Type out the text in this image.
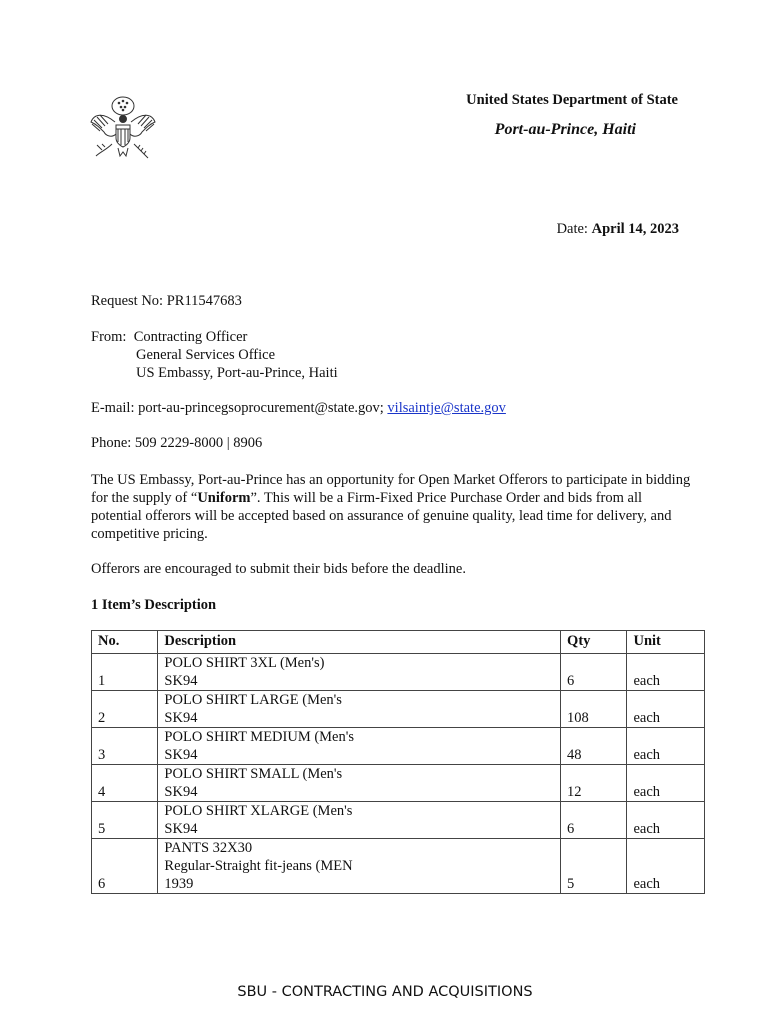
United States Department of State
Port-au-Prince, Haiti
Date: April 14, 2023
Request No: PR11547683
From: Contracting Officer
General Services Office
US Embassy, Port-au-Prince, Haiti
E-mail: port-au-princegsoprocurement@state.gov; vilsaintje@state.gov
Phone: 509 2229-8000 | 8906
The US Embassy, Port-au-Prince has an opportunity for Open Market Offerors to participate in bidding for the supply of “Uniform”. This will be a Firm-Fixed Price Purchase Order and bids from all potential offerors will be accepted based on assurance of genuine quality, lead time for delivery, and competitive pricing.
Offerors are encouraged to submit their bids before the deadline.
1 Item’s Description
No.	Description	Qty	Unit
1	POLO SHIRT 3XL (Men's)
SK94	6	each
2	POLO SHIRT LARGE (Men's
SK94	108	each
3	POLO SHIRT MEDIUM (Men's
SK94	48	each
4	POLO SHIRT SMALL (Men's
SK94	12	each
5	POLO SHIRT XLARGE (Men's
SK94	6	each
6	PANTS 32X30
Regular-Straight fit-jeans (MEN
1939	5	each
SBU - CONTRACTING AND ACQUISITIONS
